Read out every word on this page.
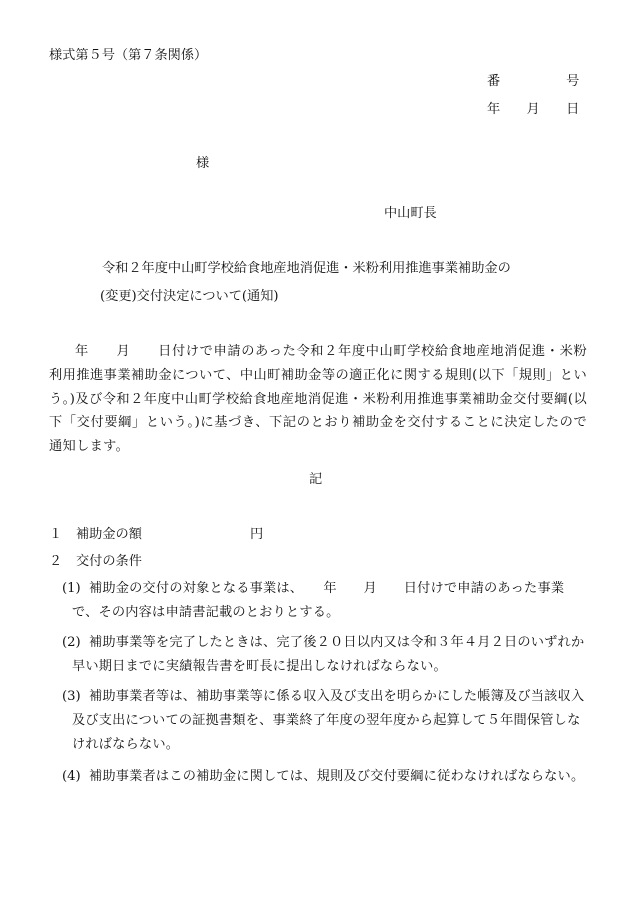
様式第５号（第７条関係）
番　　　　　号
年　　月　　日
様
中山町長
令和２年度中山町学校給食地産地消促進・米粉利用推進事業補助金の
(変更)交付決定について(通知)
年　　月　　日付けで申請のあった令和２年度中山町学校給食地産地消促進・米粉利用推進事業補助金について、中山町補助金等の適正化に関する規則(以下「規則」という。)及び令和２年度中山町学校給食地産地消促進・米粉利用推進事業補助金交付要綱(以下「交付要綱」という。)に基づき、下記のとおり補助金を交付することに決定したので通知します。
記
１ 補助金の額	円
２ 交付の条件
(1) 補助金の交付の対象となる事業は、　　年　　月　　日付けで申請のあった事業で、その内容は申請書記載のとおりとする。
(2) 補助事業等を完了したときは、完了後２０日以内又は令和３年４月２日のいずれか早い期日までに実績報告書を町長に提出しなければならない。
(3) 補助事業者等は、補助事業等に係る収入及び支出を明らかにした帳簿及び当該収入及び支出についての証拠書類を、事業終了年度の翌年度から起算して５年間保管しなければならない。
(4) 補助事業者はこの補助金に関しては、規則及び交付要綱に従わなければならない。
